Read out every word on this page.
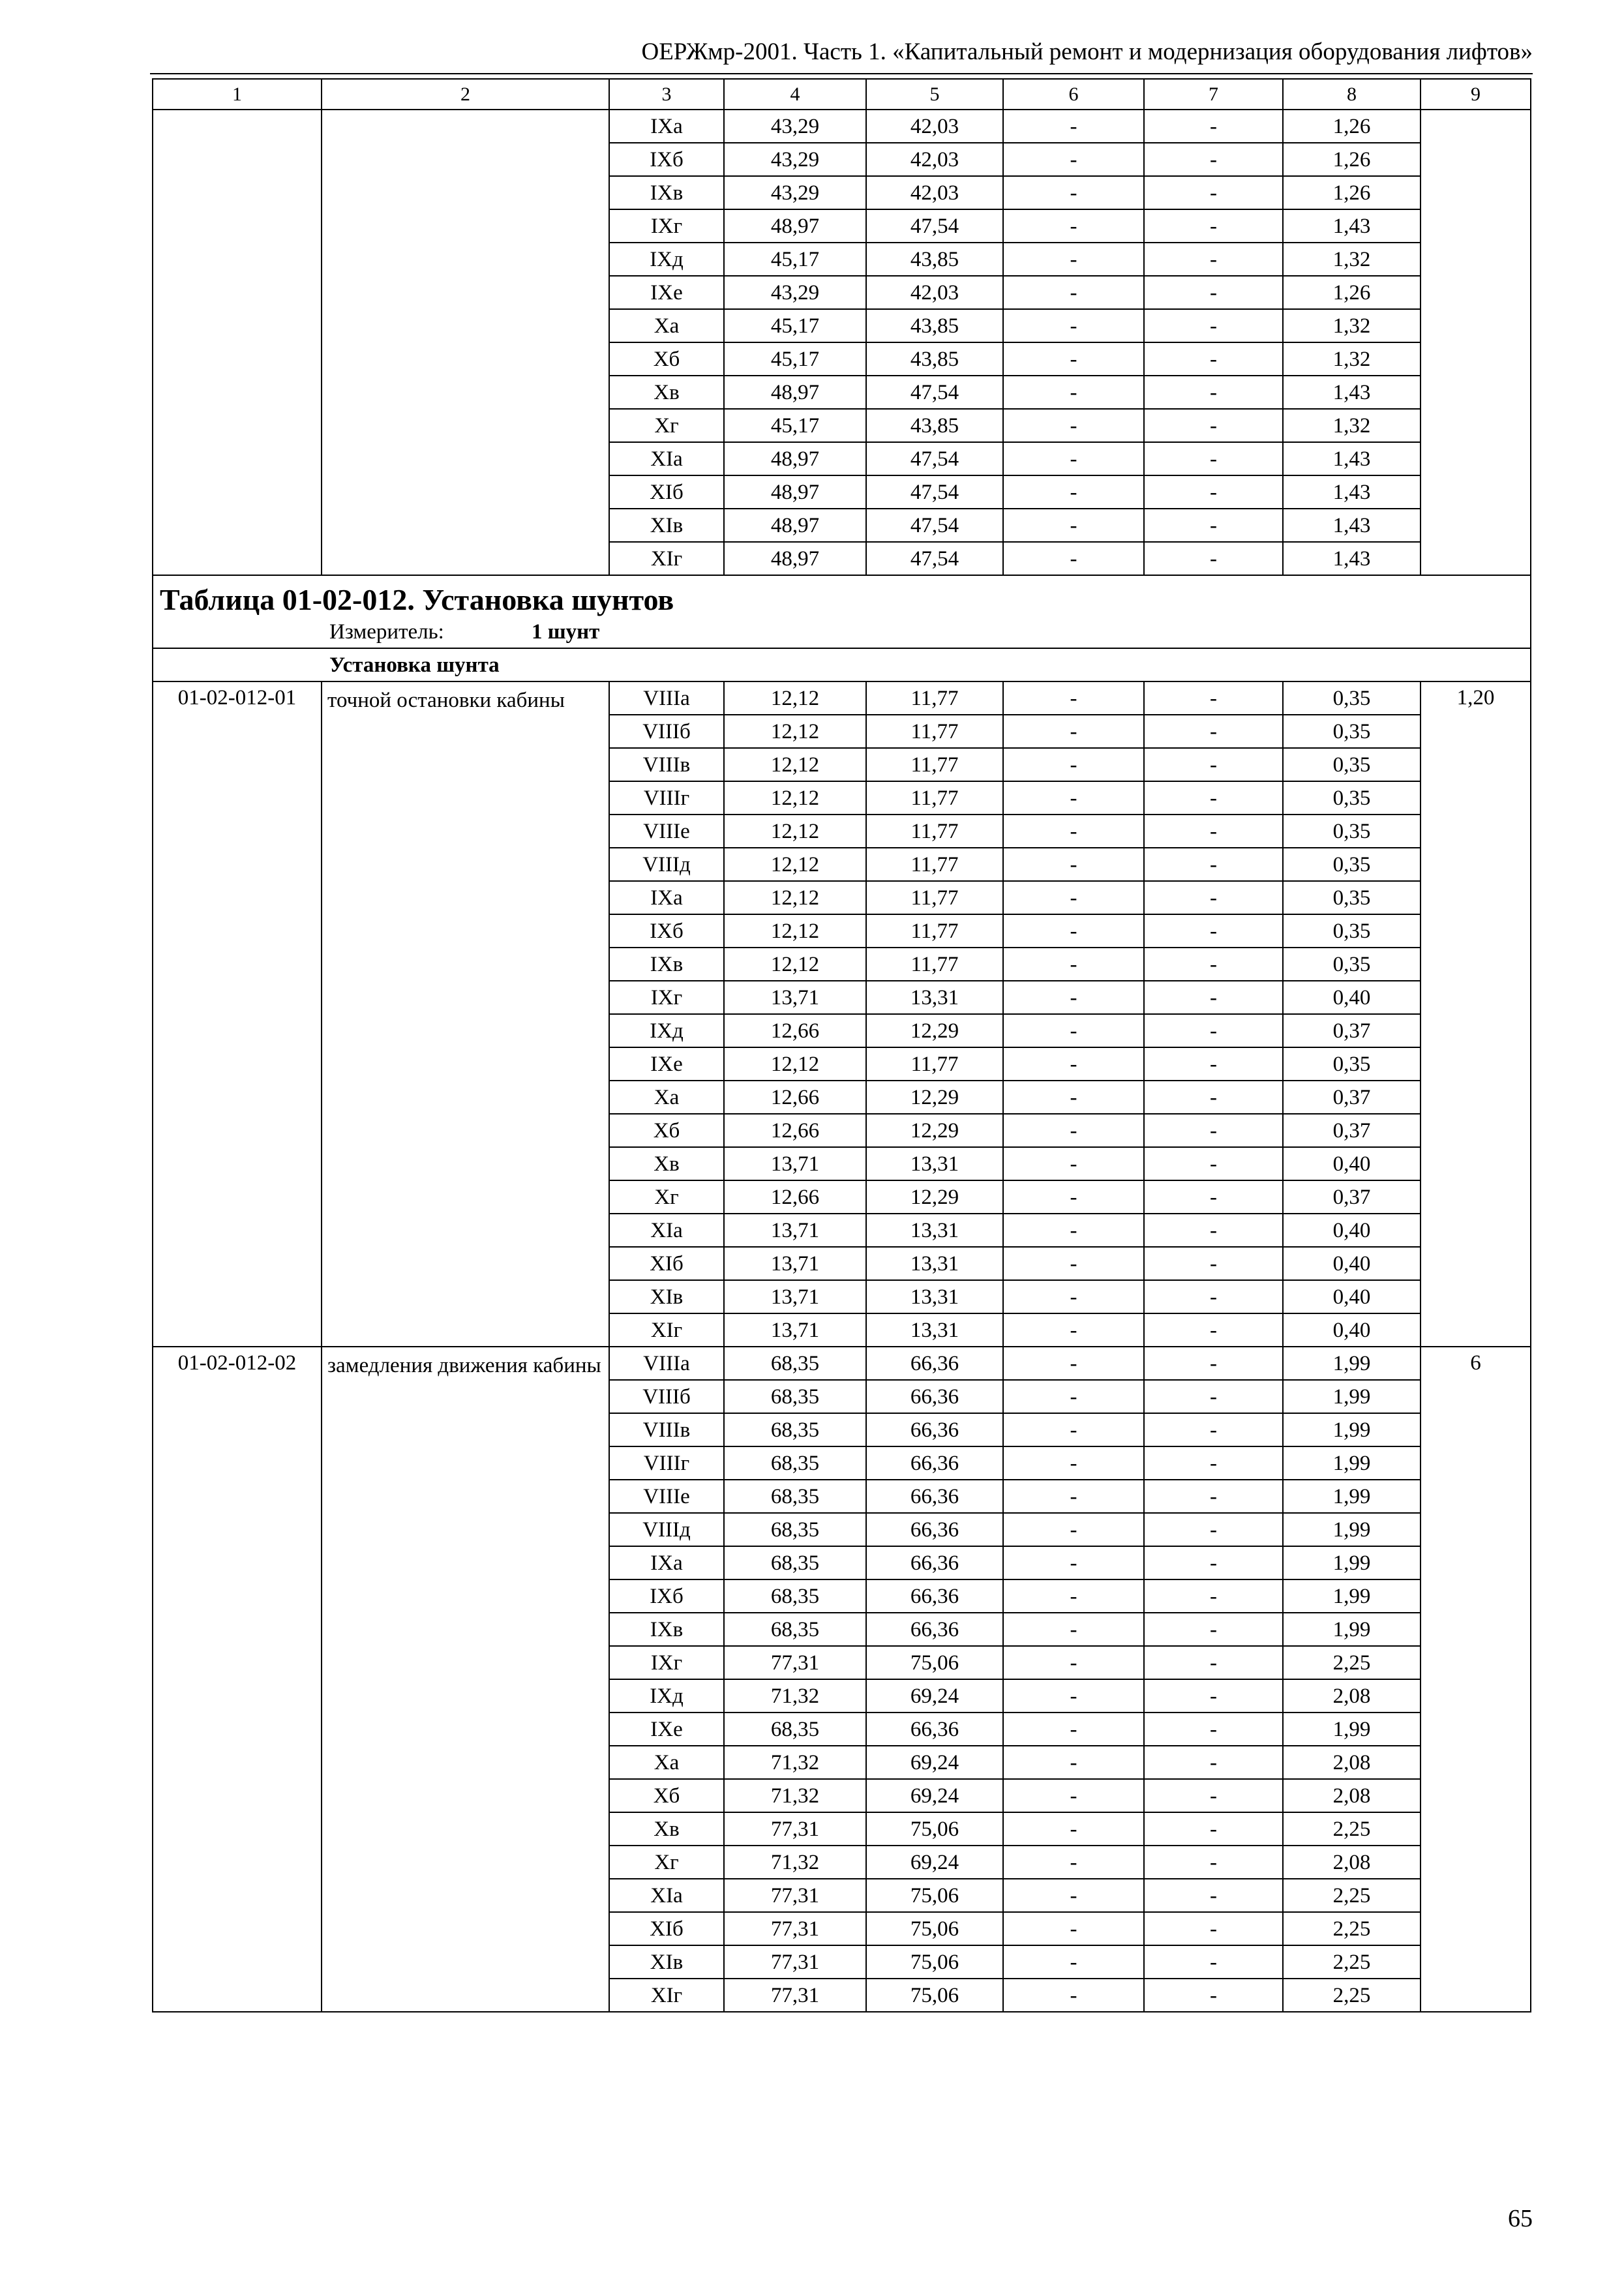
ОЕРЖмр-2001. Часть 1. «Капитальный ремонт и модернизация оборудования лифтов»
1	2	3	4	5	6	7	8	9
		IXа	43,29	42,03	-	-	1,26	
		IXб	43,29	42,03	-	-	1,26	
		IXв	43,29	42,03	-	-	1,26	
		IXг	48,97	47,54	-	-	1,43	
		IXд	45,17	43,85	-	-	1,32	
		IXе	43,29	42,03	-	-	1,26	
		Xа	45,17	43,85	-	-	1,32	
		Xб	45,17	43,85	-	-	1,32	
		Xв	48,97	47,54	-	-	1,43	
		Xг	45,17	43,85	-	-	1,32	
		XIа	48,97	47,54	-	-	1,43	
		XIб	48,97	47,54	-	-	1,43	
		XIв	48,97	47,54	-	-	1,43	
		XIг	48,97	47,54	-	-	1,43	

Таблица 01-02-012. Установка шунтов
Измеритель: 1 шунт								

Установка шунта								
01-02-012-01	точной остановки кабины	VIIIа	12,12	11,77	-	-	0,35	1,20
		VIIIб	12,12	11,77	-	-	0,35	
		VIIIв	12,12	11,77	-	-	0,35	
		VIIIг	12,12	11,77	-	-	0,35	
		VIIIе	12,12	11,77	-	-	0,35	
		VIIIд	12,12	11,77	-	-	0,35	
		IXа	12,12	11,77	-	-	0,35	
		IXб	12,12	11,77	-	-	0,35	
		IXв	12,12	11,77	-	-	0,35	
		IXг	13,71	13,31	-	-	0,40	
		IXд	12,66	12,29	-	-	0,37	
		IXе	12,12	11,77	-	-	0,35	
		Xа	12,66	12,29	-	-	0,37	
		Xб	12,66	12,29	-	-	0,37	
		Xв	13,71	13,31	-	-	0,40	
		Xг	12,66	12,29	-	-	0,37	
		XIа	13,71	13,31	-	-	0,40	
		XIб	13,71	13,31	-	-	0,40	
		XIв	13,71	13,31	-	-	0,40	
		XIг	13,71	13,31	-	-	0,40	
01-02-012-02	замедления движения кабины	VIIIа	68,35	66,36	-	-	1,99	6
		VIIIб	68,35	66,36	-	-	1,99	
		VIIIв	68,35	66,36	-	-	1,99	
		VIIIг	68,35	66,36	-	-	1,99	
		VIIIе	68,35	66,36	-	-	1,99	
		VIIIд	68,35	66,36	-	-	1,99	
		IXа	68,35	66,36	-	-	1,99	
		IXб	68,35	66,36	-	-	1,99	
		IXв	68,35	66,36	-	-	1,99	
		IXг	77,31	75,06	-	-	2,25	
		IXд	71,32	69,24	-	-	2,08	
		IXе	68,35	66,36	-	-	1,99	
		Xа	71,32	69,24	-	-	2,08	
		Xб	71,32	69,24	-	-	2,08	
		Xв	77,31	75,06	-	-	2,25	
		Xг	71,32	69,24	-	-	2,08	
		XIа	77,31	75,06	-	-	2,25	
		XIб	77,31	75,06	-	-	2,25	
		XIв	77,31	75,06	-	-	2,25	
		XIг	77,31	75,06	-	-	2,25	
65
